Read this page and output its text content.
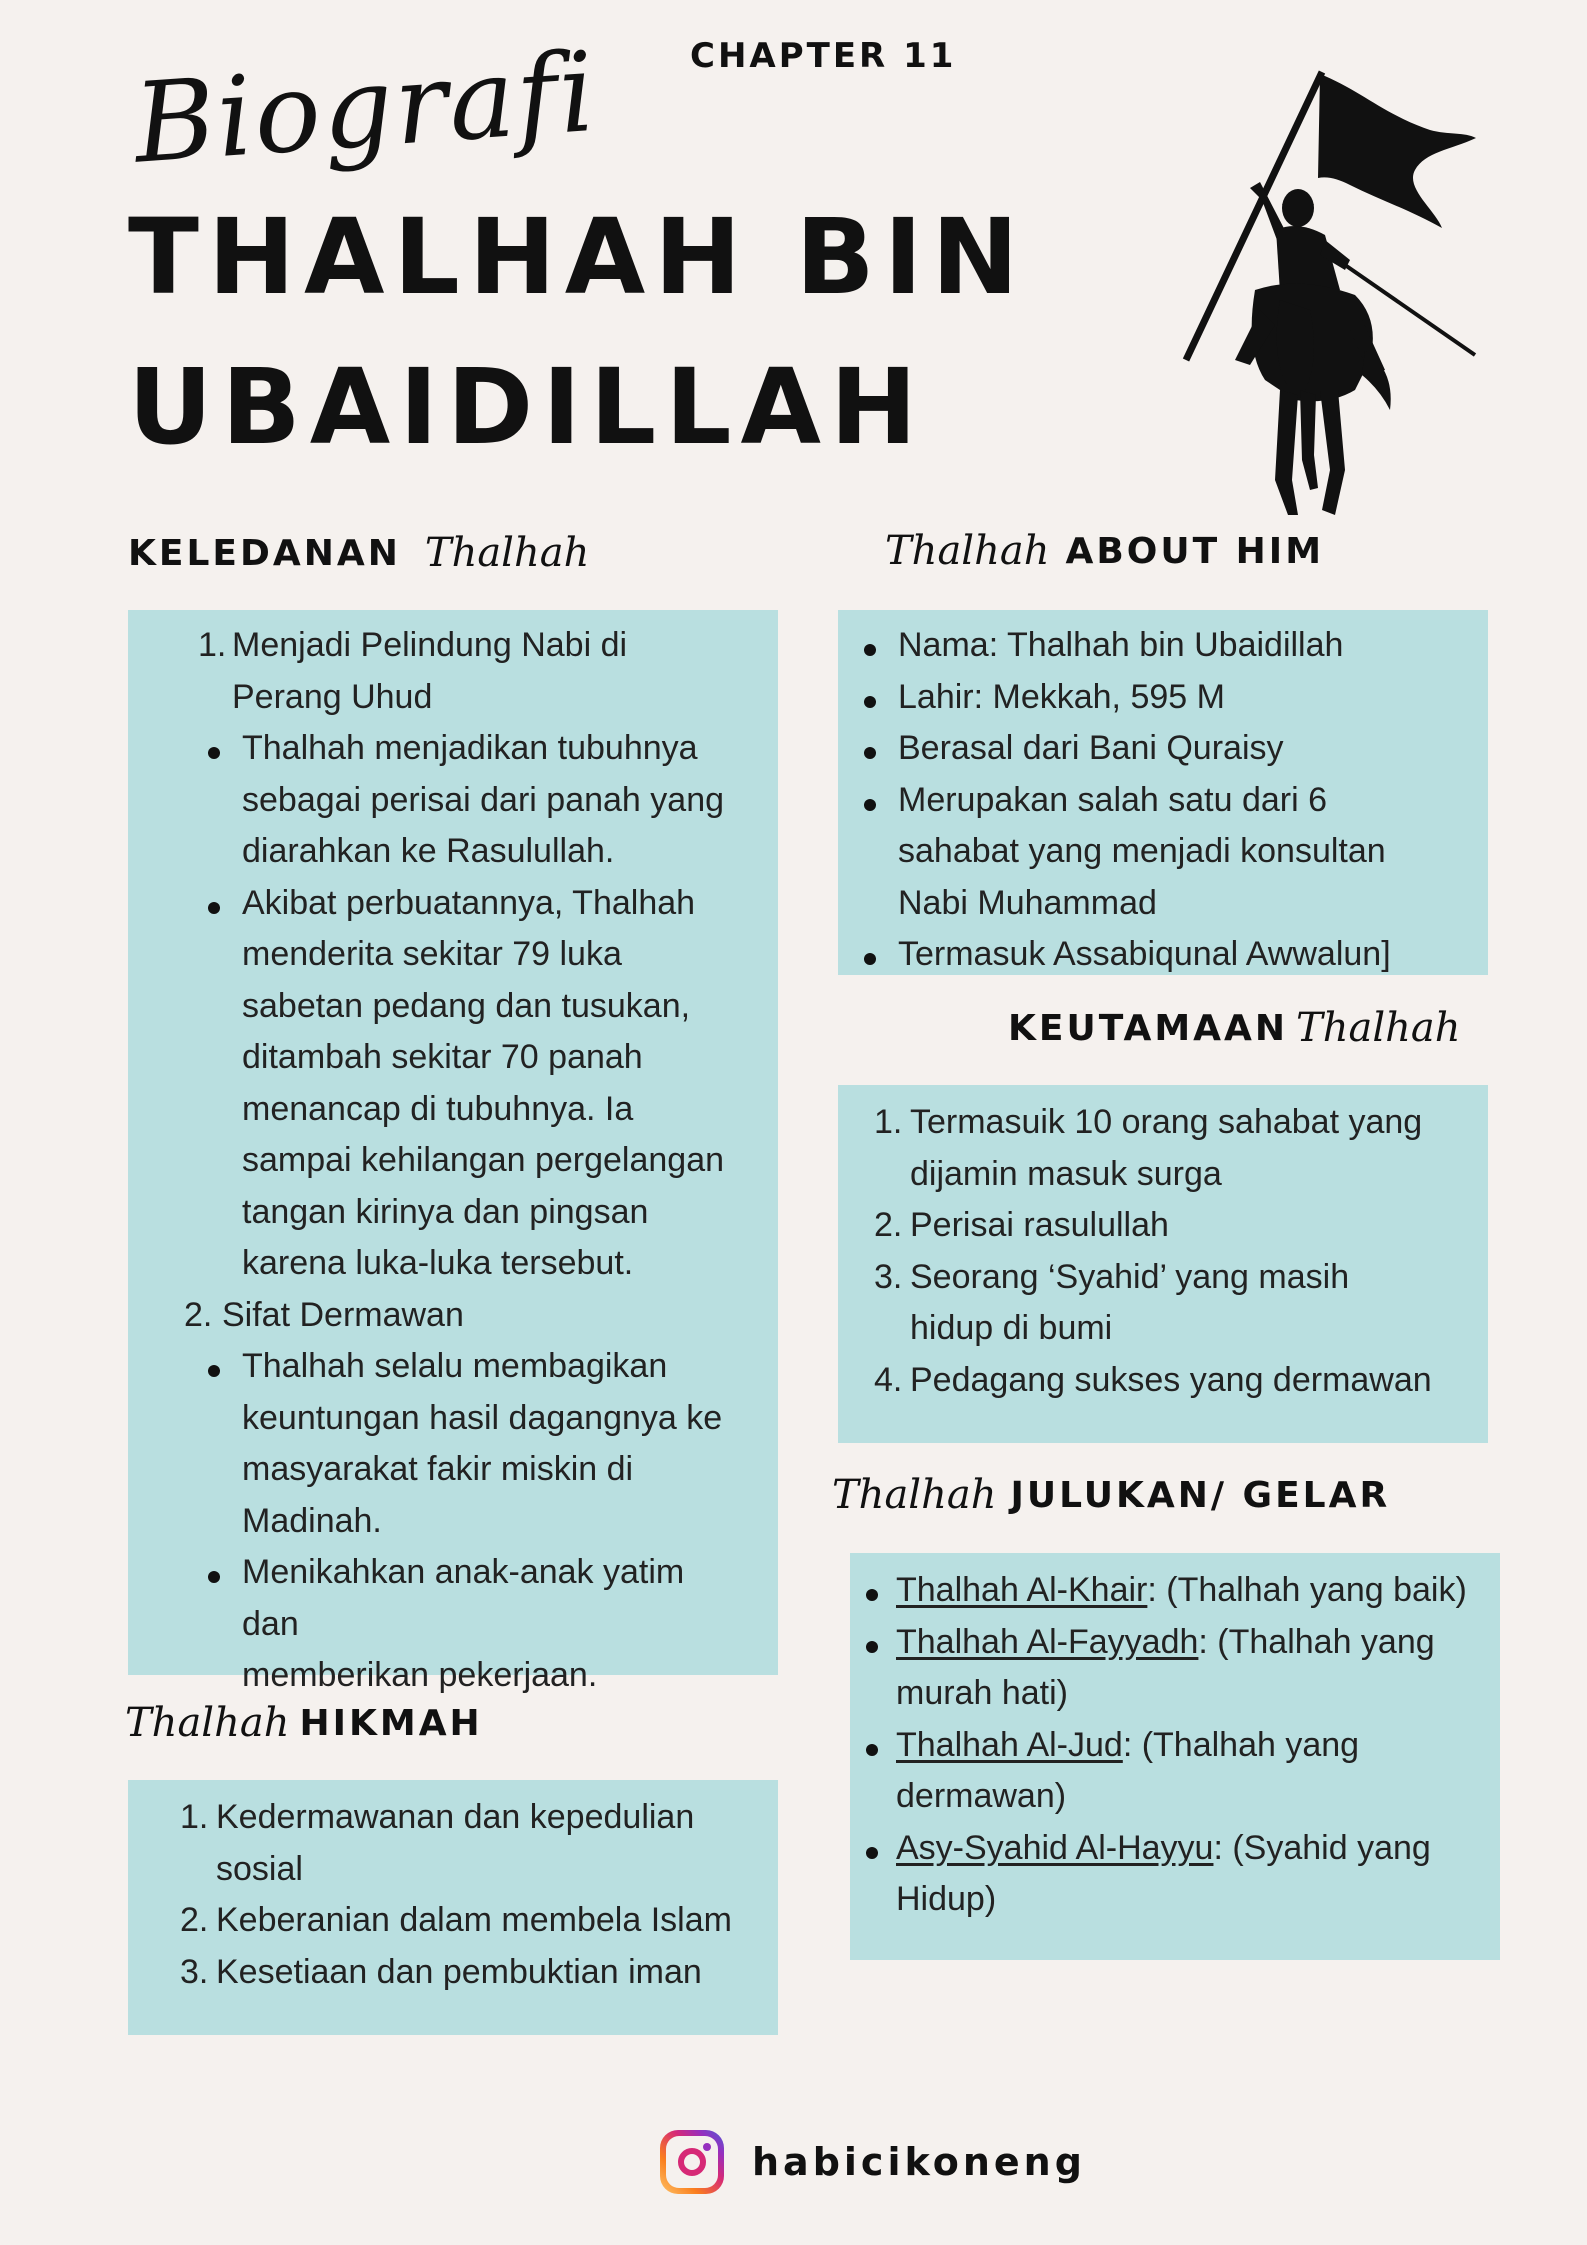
CHAPTER 11
Biografi
THALHAH BIN
UBAIDILLAH
KELEDANAN Thalhah
1. Menjadi Pelindung Nabi di
Perang Uhud
Thalhah menjadikan tubuhnya
sebagai perisai dari panah yang
diarahkan ke Rasulullah.
Akibat perbuatannya, Thalhah
menderita sekitar 79 luka
sabetan pedang dan tusukan,
ditambah sekitar 70 panah
menancap di tubuhnya. Ia
sampai kehilangan pergelangan
tangan kirinya dan pingsan
karena luka-luka tersebut.
2. Sifat Dermawan
Thalhah selalu membagikan
keuntungan hasil dagangnya ke
masyarakat fakir miskin di
Madinah.
Menikahkan anak-anak yatim dan
memberikan pekerjaan.
Thalhah HIKMAH
1. Kedermawanan dan kepedulian
sosial
2. Keberanian dalam membela Islam
3. Kesetiaan dan pembuktian iman
Thalhah ABOUT HIM
Nama: Thalhah bin Ubaidillah
Lahir: Mekkah, 595 M
Berasal dari Bani Quraisy
Merupakan salah satu dari 6
sahabat yang menjadi konsultan
Nabi Muhammad
Termasuk Assabiqunal Awwalun]
KEUTAMAAN Thalhah
1. Termasuik 10 orang sahabat yang
dijamin masuk surga
2. Perisai rasulullah
3. Seorang ‘Syahid’ yang masih
hidup di bumi
4. Pedagang sukses yang dermawan
Thalhah JULUKAN/ GELAR
Thalhah Al-Khair: (Thalhah yang baik)
Thalhah Al-Fayyadh: (Thalhah yang
murah hati)
Thalhah Al-Jud: (Thalhah yang
dermawan)
Asy-Syahid Al-Hayyu: (Syahid yang
Hidup)
habicikoneng
